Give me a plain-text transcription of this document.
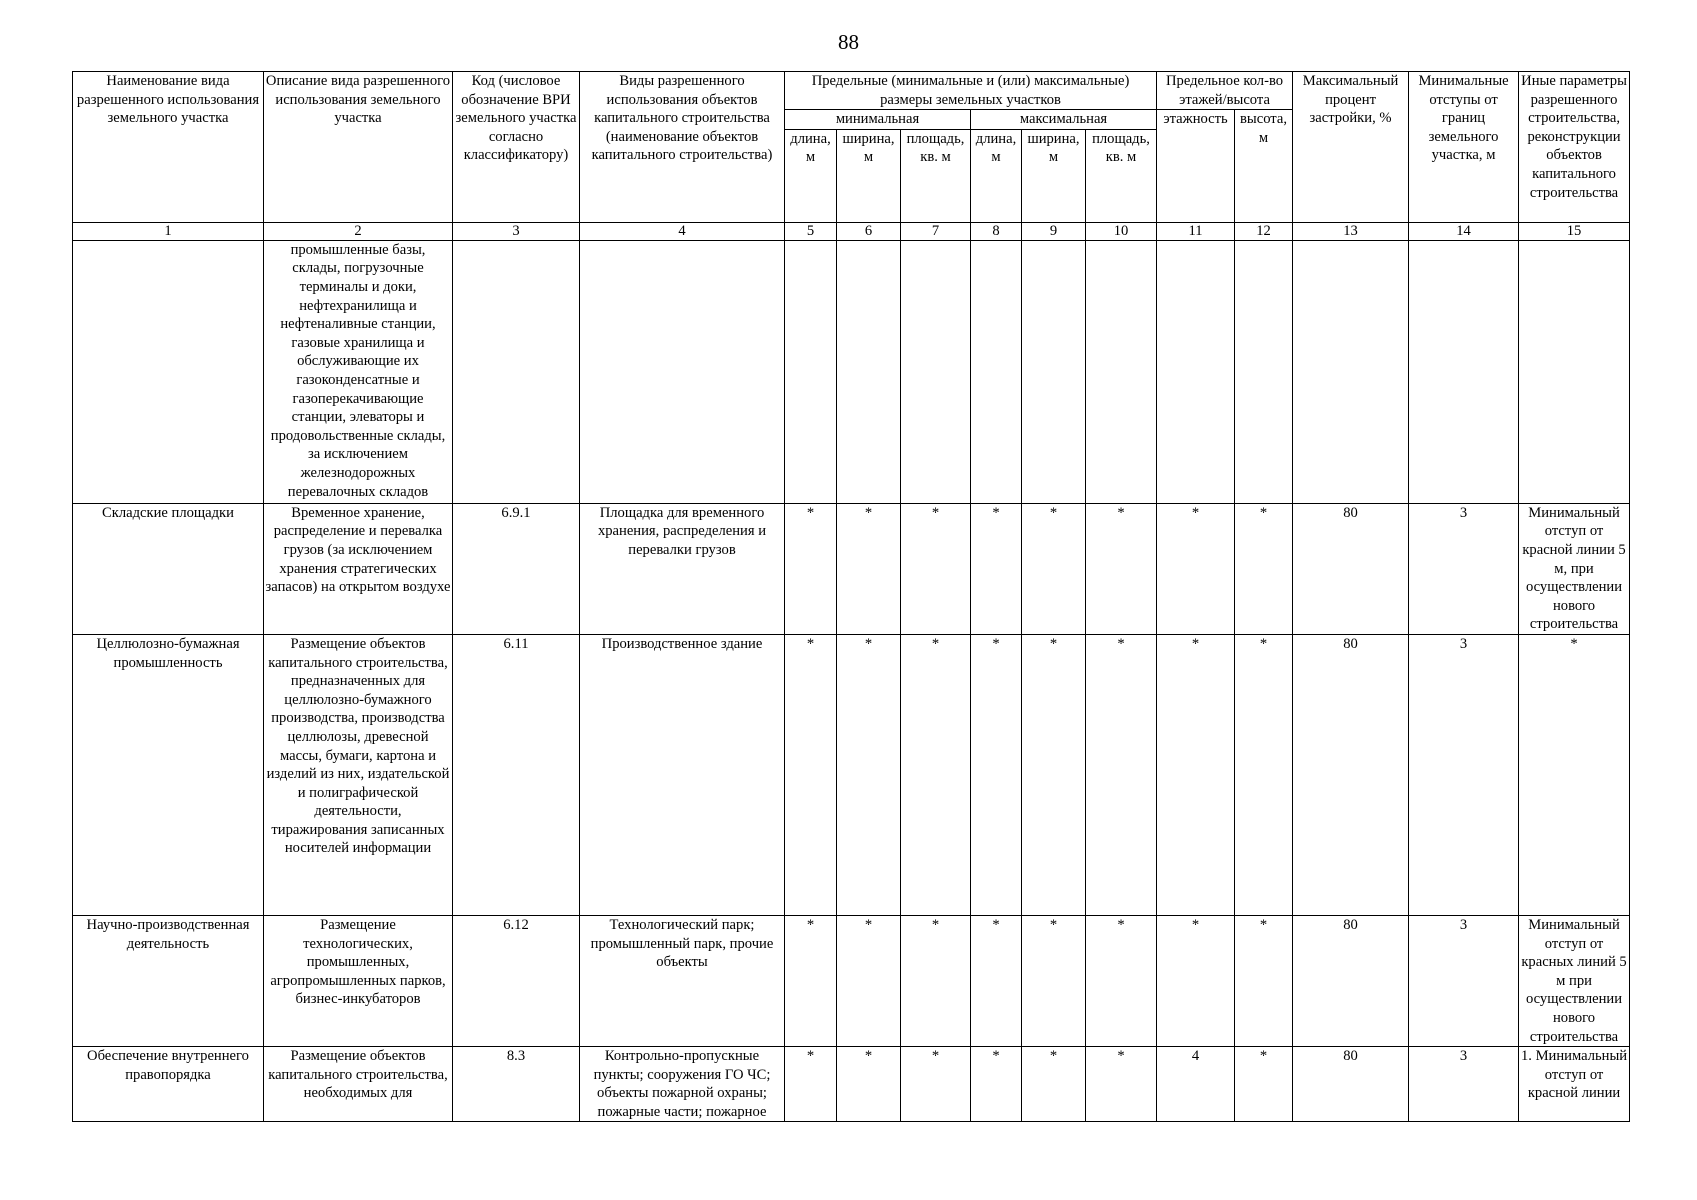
88
Наименование вида разрешенного использования земельного участка	Описание вида разрешенного использования земельного участка	Код (числовое обозначение ВРИ земельного участка согласно классификатору)	Виды разрешенного использования объектов капитального строительства (наименование объектов капитального строительства)	Предельные (минимальные и (или) максимальные) размеры земельных участков						Предельное кол-во этажей/высота		Максимальный процент застройки, %	Минимальные отступы от границ земельного участка, м	Иные параметры разрешенного строительства, реконструкции объектов капитального строительства
				минимальная			максимальная			этажность	высота, м			
				длина, м	ширина, м	площадь, кв. м	длина, м	ширина, м	площадь, кв. м					
1	2	3	4	5	6	7	8	9	10	11	12	13	14	15
	промышленные базы, склады, погрузочные терминалы и доки, нефтехранилища и нефтеналивные станции, газовые хранилища и обслуживающие их газоконденсатные и газоперекачивающие станции, элеваторы и продовольственные склады, за исключением железнодорожных перевалочных складов													
Складские площадки	Временное хранение, распределение и перевалка грузов (за исключением хранения стратегических запасов) на открытом воздухе	6.9.1	Площадка для временного хранения, распределения и перевалки грузов	*	*	*	*	*	*	*	*	80	3	Минимальный отступ от красной линии 5 м, при осуществлении нового строительства
Целлюлозно-бумажная промышленность	Размещение объектов капитального строительства, предназначенных для целлюлозно-бумажного производства, производства целлюлозы, древесной массы, бумаги, картона и изделий из них, издательской и полиграфической деятельности, тиражирования записанных носителей информации	6.11	Производственное здание	*	*	*	*	*	*	*	*	80	3	*
Научно-производственная деятельность	Размещение технологических, промышленных, агропромышленных парков, бизнес-инкубаторов	6.12	Технологический парк; промышленный парк, прочие объекты	*	*	*	*	*	*	*	*	80	3	Минимальный отступ от красных линий 5 м при осуществлении нового строительства
Обеспечение внутреннего правопорядка	Размещение объектов капитального строительства, необходимых для	8.3	Контрольно-пропускные пункты; сооружения ГО ЧС; объекты пожарной охраны; пожарные части; пожарное	*	*	*	*	*	*	4	*	80	3	1. Минимальный отступ от красной линии
